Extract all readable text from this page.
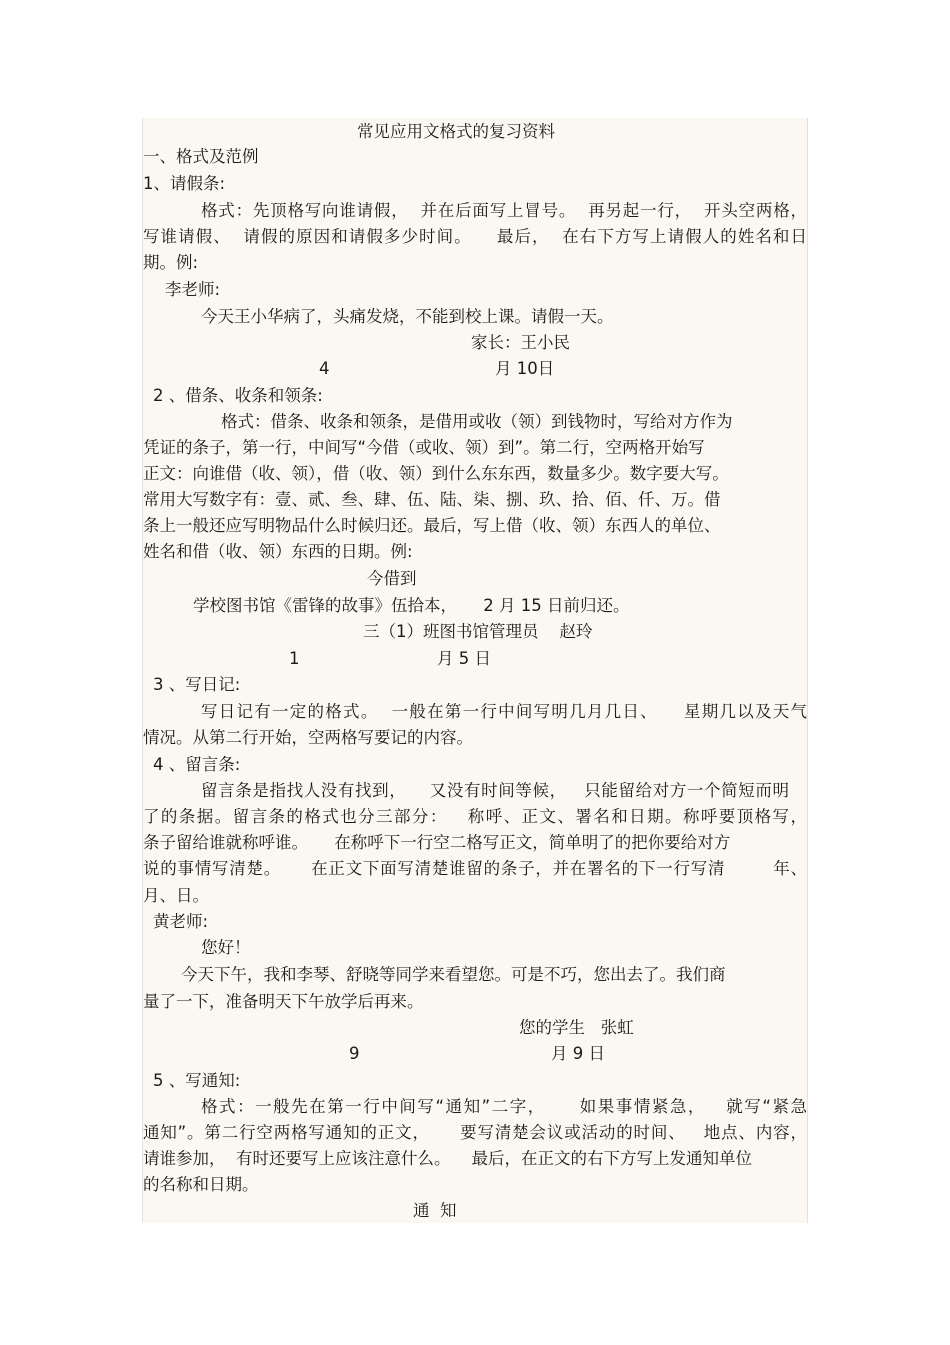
常见应用文格式的复习资料
一、格式及范例
1、请假条:
格式：先顶格写向谁请假，  并在后面写上冒号。  再另起一行，  开头空两格，
写谁请假、  请假的原因和请假多少时间。    最后，  在右下方写上请假人的姓名和日
期。例:
李老师:
今天王小华病了，头痛发烧，不能到校上课。请假一天。
家长：王小民
4	月 10日
2 、借条、收条和领条:
格式：借条、收条和领条，是借用或收（领）到钱物时，写给对方作为
凭证的条子，第一行，中间写“今借（或收、领）到”。第二行，空两格开始写
正文：向谁借（收、领），借（收、领）到什么东东西，数量多少。数字要大写。
常用大写数字有：壹、贰、叁、肆、伍、陆、柒、捌、玖、拾、佰、仟、万。借
条上一般还应写明物品什么时候归还。最后，写上借（收、领）东西人的单位、
姓名和借（收、领）东西的日期。例:
今借到
学校图书馆《雷锋的故事》伍拾本，     2 月 15 日前归还。
三（1）班图书馆管理员    赵玲
1	月 5 日
3 、写日记:
写日记有一定的格式。  一般在第一行中间写明几月几日、    星期几以及天气
情况。从第二行开始，空两格写要记的内容。
4 、留言条:
留言条是指找人没有找到，    又没有时间等候，   只能留给对方一个简短而明
了的条据。留言条的格式也分三部分：   称呼、正文、署名和日期。称呼要顶格写，
条子留给谁就称呼谁。     在称呼下一行空二格写正文，简单明了的把你要给对方
说的事情写清楚。     在正文下面写清楚谁留的条子，并在署名的下一行写清        年、
月、日。
黄老师:
您好！
今天下午，我和李琴、舒晓等同学来看望您。可是不巧，您出去了。我们商
量了一下，准备明天下午放学后再来。
您的学生   张虹
9	月 9 日
5 、写通知:
格式：一般先在第一行中间写“通知”二字，     如果事情紧急，   就写“紧急
通知”。第二行空两格写通知的正文，     要写清楚会议或活动的时间、   地点、内容，
请谁参加，  有时还要写上应该注意什么。    最后，在正文的右下方写上发通知单位
的名称和日期。
通  知
